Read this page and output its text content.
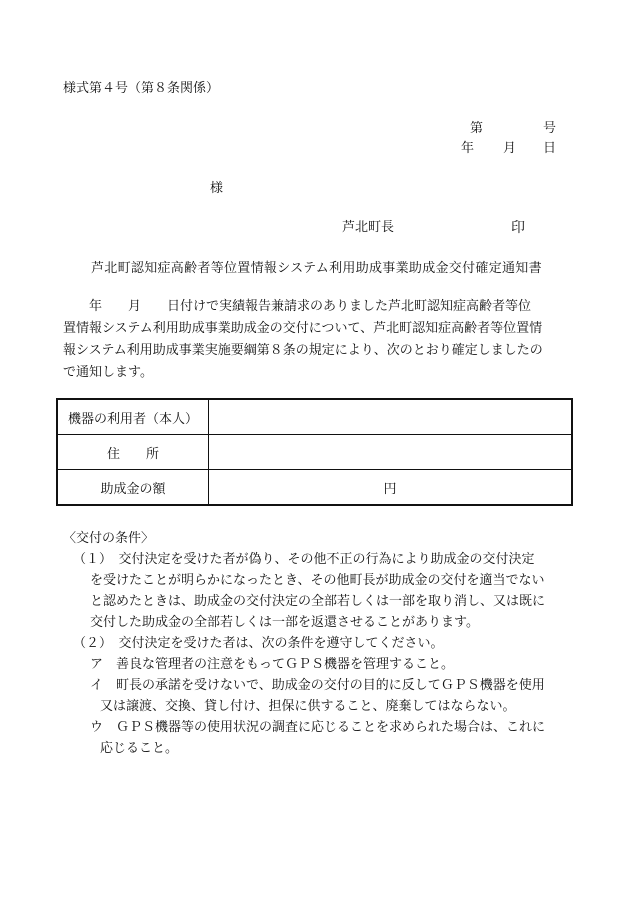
様式第４号（第８条関係）
第	号
年 月 日
様
芦北町長	印
芦北町認知症高齢者等位置情報システム利用助成事業助成金交付確定通知書
　　年　　月　　日付けで実績報告兼請求のありました芦北町認知症高齢者等位
置情報システム利用助成事業助成金の交付について、芦北町認知症高齢者等位置情
報システム利用助成事業実施要綱第８条の規定により、次のとおり確定しましたの
で通知します。
機器の利用者（本人）	
住　　所	
助成金の額	円
〈交付の条件〉
（１）　交付決定を受けた者が偽り、その他不正の行為により助成金の交付決定
を受けたことが明らかになったとき、その他町長が助成金の交付を適当でない
と認めたときは、助成金の交付決定の全部若しくは一部を取り消し、又は既に
交付した助成金の全部若しくは一部を返還させることがあります。
（２）　交付決定を受けた者は、次の条件を遵守してください。
ア　善良な管理者の注意をもってＧＰＳ機器を管理すること。
イ　町長の承諾を受けないで、助成金の交付の目的に反してＧＰＳ機器を使用
又は譲渡、交換、貸し付け、担保に供すること、廃棄してはならない。
ウ　ＧＰＳ機器等の使用状況の調査に応じることを求められた場合は、これに
応じること。
